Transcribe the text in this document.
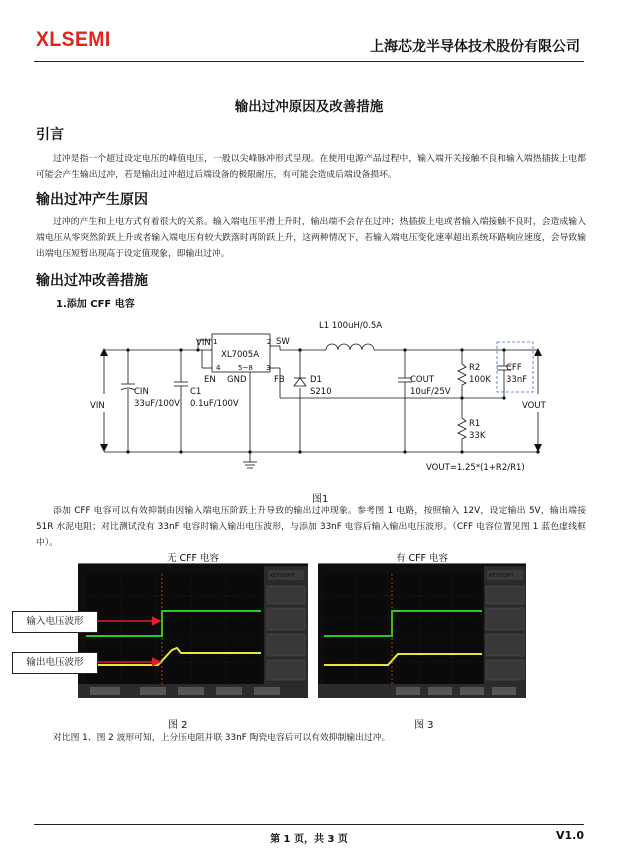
XLSEMI	上海芯龙半导体技术股份有限公司
输出过冲原因及改善措施
引言

过冲是指一个超过设定电压的峰值电压，一般以尖峰脉冲形式呈现。在使用电源产品过程中，输入端开关接触不良和输入端热插拔上电都可能会产生输出过冲，若是输出过冲超过后端设备的极限耐压，有可能会造成后端设备损坏。

输出过冲产生原因

过冲的产生和上电方式有着很大的关系。输入端电压平滑上升时，输出端不会存在过冲；热插拔上电或者输入端接触不良时，会造成输入端电压从零突然阶跃上升或者输入端电压有较大跌落时再阶跃上升，这两种情况下，若输入端电压变化速率超出系统环路响应速度，会导致输出端电压短暂出现高于设定值现象，即输出过冲。

输出过冲改善措施
1.添加 CFF 电容
XL7005A
VIN 1	2 SW
4	5~8 3
EN GND	FB
L1 100uH/0.5A
VIN
CIN
33uF/100V
C1
0.1uF/100V
D1
S210
COUT
10uF/25V
R2
100K
CFF
33nF
R1
33K
VOUT
VOUT=1.25*(1+R2/R1)
图1

添加 CFF 电容可以有效抑制由因输入端电压阶跃上升导致的输出过冲现象。参考图 1 电路，按照输入 12V，设定输出 5V，输出端接 51R 水泥电阻；对比测试没有 33nF 电容时输入输出电压波形，与添加 33nF 电容后输入输出电压波形。（CFF 电容位置见图 1 蓝色虚线框中）。

无 CFF 电容
KEYSIGHT
有 CFF 电容
KEYSIGHT
输入电压波形
输出电压波形
图 2	图 3

对比图 1、图 2 波形可知，上分压电阻并联 33nF 陶瓷电容后可以有效抑制输出过冲。

第 1 页，共 3 页	V1.0
